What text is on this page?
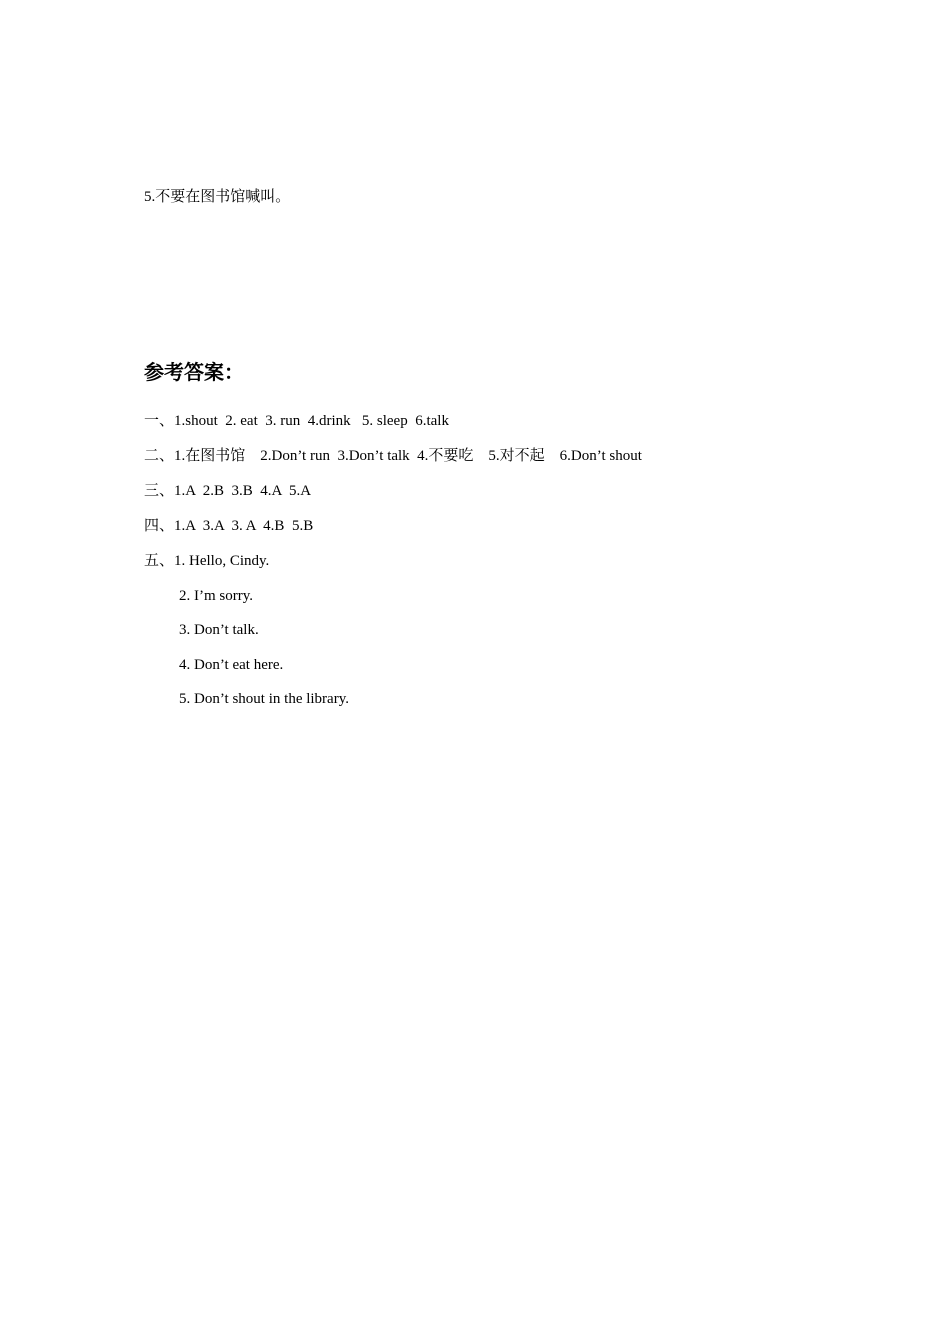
5.不要在图书馆喊叫。
参考答案：
一、1.shout  2. eat  3. run  4.drink   5. sleep  6.talk
二、1.在图书馆    2.Don’t run  3.Don’t talk  4.不要吃    5.对不起    6.Don’t shout
三、1.A  2.B  3.B  4.A  5.A
四、1.A  3.A  3. A  4.B  5.B
五、1. Hello, Cindy.
2. I’m sorry.
3. Don’t talk.
4. Don’t eat here.
5. Don’t shout in the library.
